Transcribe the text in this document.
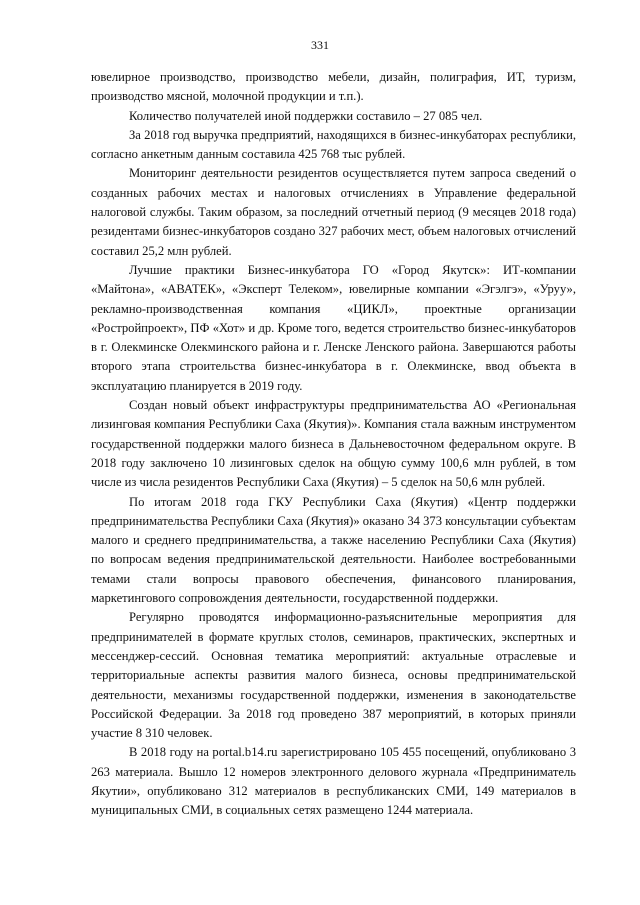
331

ювелирное производство, производство мебели, дизайн, полиграфия, ИТ, туризм, производство мясной, молочной продукции и т.п.).

Количество получателей иной поддержки составило – 27 085 чел.

За 2018 год выручка предприятий, находящихся в бизнес-инкубаторах республики, согласно анкетным данным составила 425 768 тыс рублей.

Мониторинг деятельности резидентов осуществляется путем запроса сведений о созданных рабочих местах и налоговых отчислениях в Управление федеральной налоговой службы. Таким образом, за последний отчетный период (9 месяцев 2018 года) резидентами бизнес-инкубаторов создано 327 рабочих мест, объем налоговых отчислений составил 25,2 млн рублей.

Лучшие практики Бизнес-инкубатора ГО «Город Якутск»: ИТ-компании «Майтона», «АВАТЕК», «Эксперт Телеком», ювелирные компании «Эгэлгэ», «Уруу», рекламно-производственная компания «ЦИКЛ», проектные организации «Ростройпроект», ПФ «Хот» и др. Кроме того, ведется строительство бизнес-инкубаторов в г. Олекминске Олекминского района и г. Ленске Ленского района. Завершаются работы второго этапа строительства бизнес-инкубатора в г. Олекминске, ввод объекта в эксплуатацию планируется в 2019 году.

Создан новый объект инфраструктуры предпринимательства АО «Региональная лизинговая компания Республики Саха (Якутия)». Компания стала важным инструментом государственной поддержки малого бизнеса в Дальневосточном федеральном округе. В 2018 году заключено 10 лизинговых сделок на общую сумму 100,6 млн рублей, в том числе из числа резидентов Республики Саха (Якутия) – 5 сделок на 50,6 млн рублей.

По итогам 2018 года ГКУ Республики Саха (Якутия) «Центр поддержки предпринимательства Республики Саха (Якутия)» оказано 34 373 консультации субъектам малого и среднего предпринимательства, а также населению Республики Саха (Якутия) по вопросам ведения предпринимательской деятельности. Наиболее востребованными темами стали вопросы правового обеспечения, финансового планирования, маркетингового сопровождения деятельности, государственной поддержки.

Регулярно проводятся информационно-разъяснительные мероприятия для предпринимателей в формате круглых столов, семинаров, практических, экспертных и мессенджер-сессий. Основная тематика мероприятий: актуальные отраслевые и территориальные аспекты развития малого бизнеса, основы предпринимательской деятельности, механизмы государственной поддержки, изменения в законодательстве Российской Федерации. За 2018 год проведено 387 мероприятий, в которых приняли участие 8 310 человек.

В 2018 году на portal.b14.ru зарегистрировано 105 455 посещений, опубликовано 3 263 материала. Вышло 12 номеров электронного делового журнала «Предприниматель Якутии», опубликовано 312 материалов в республиканских СМИ, 149 материалов в муниципальных СМИ, в социальных сетях размещено 1244 материала.
